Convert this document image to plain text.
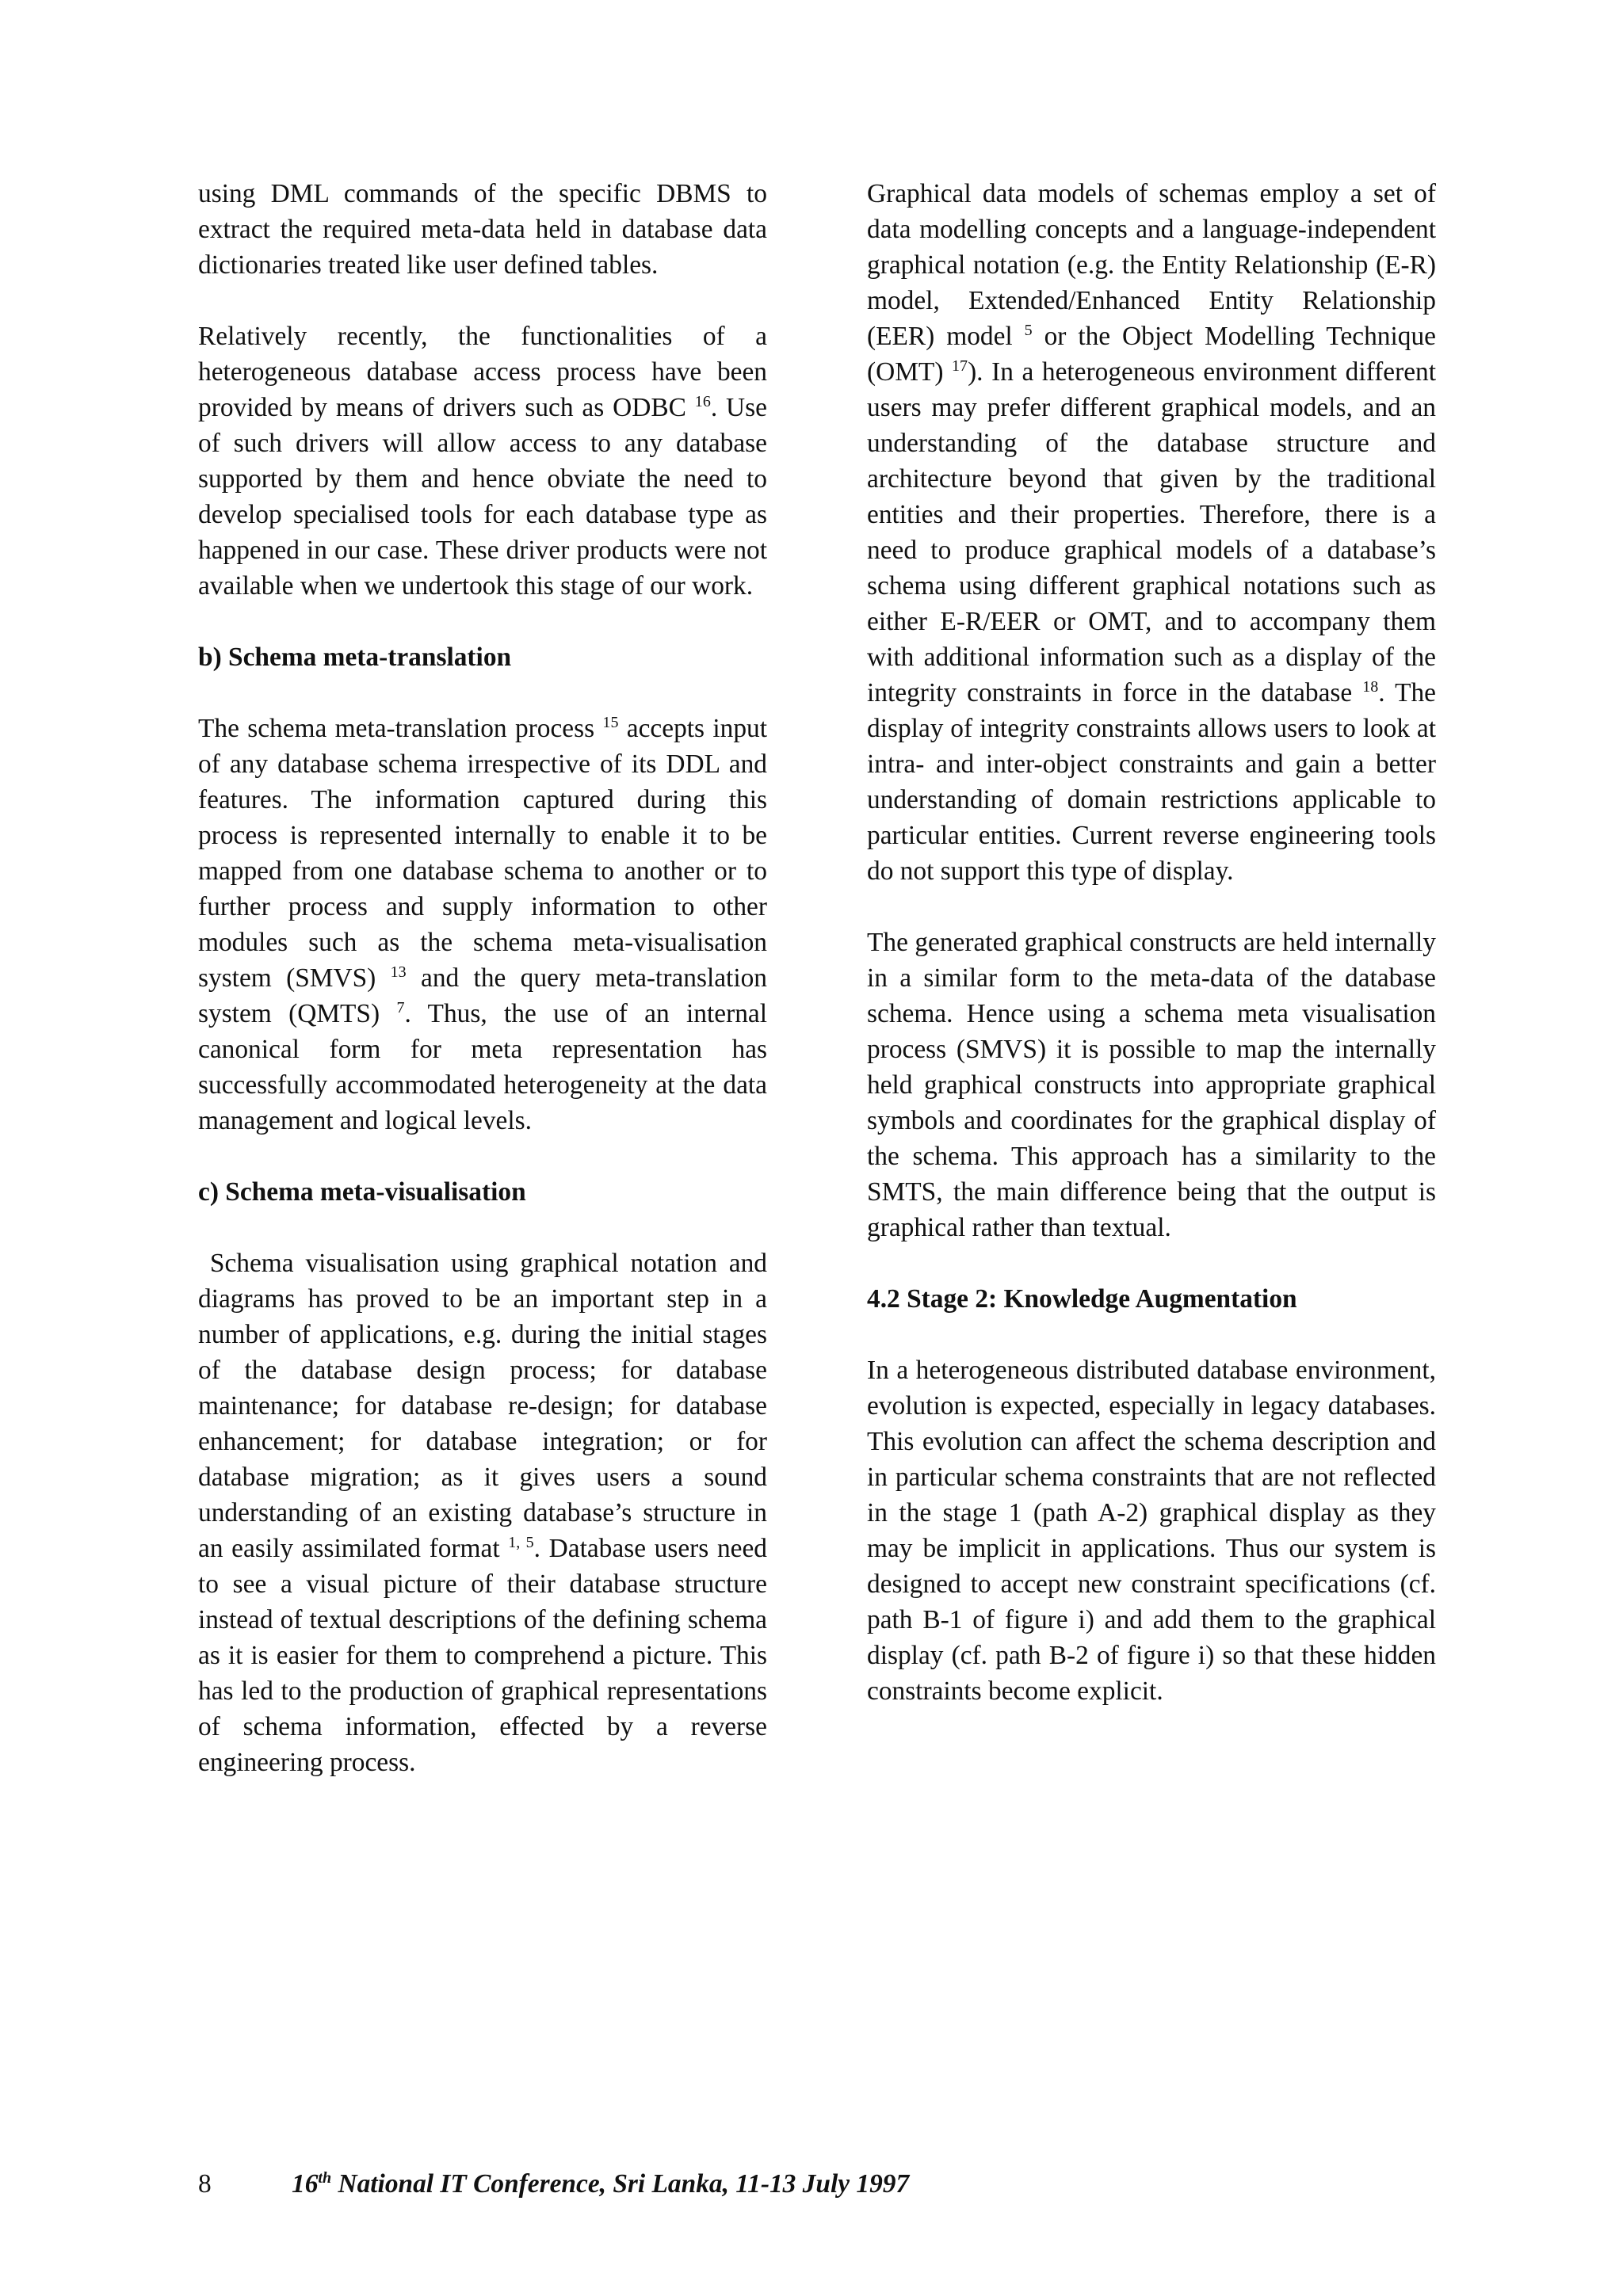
using DML commands of the specific DBMS to extract the required meta-data held in database data dictionaries treated like user defined tables.

Relatively recently, the functionalities of a heterogeneous database access process have been provided by means of drivers such as ODBC $^{16}$. Use of such drivers will allow access to any database supported by them and hence obviate the need to develop specialised tools for each database type as happened in our case. These driver products were not available when we undertook this stage of our work.

b) Schema meta-translation

The schema meta-translation process $^{15}$ accepts input of any database schema irrespective of its DDL and features. The information captured during this process is represented internally to enable it to be mapped from one database schema to another or to further process and supply information to other modules such as the schema meta-visualisation system (SMVS) $^{13}$ and the query meta-translation system (QMTS) $^7$. Thus, the use of an internal canonical form for meta representation has successfully accommodated heterogeneity at the data management and logical levels.

c) Schema meta-visualisation

Schema visualisation using graphical notation and diagrams has proved to be an important step in a number of applications, e.g. during the initial stages of the database design process; for database maintenance; for database re-design; for database enhancement; for database integration; or for database migration; as it gives users a sound understanding of an existing database’s structure in an easily assimilated format $^{1, 5}$. Database users need to see a visual picture of their database structure instead of textual descriptions of the defining schema as it is easier for them to comprehend a picture. This has led to the production of graphical representations of schema information, effected by a reverse engineering process.

Graphical data models of schemas employ a set of data modelling concepts and a language-independent graphical notation (e.g. the Entity Relationship (E-R) model, Extended/Enhanced Entity Relationship (EER) model $^5$ or the Object Modelling Technique (OMT) $^{17}$). In a heterogeneous environment different users may prefer different graphical models, and an understanding of the database structure and architecture beyond that given by the traditional entities and their properties. Therefore, there is a need to produce graphical models of a database’s schema using different graphical notations such as either E-R/EER or OMT, and to accompany them with additional information such as a display of the integrity constraints in force in the database $^{18}$. The display of integrity constraints allows users to look at intra- and inter-object constraints and gain a better understanding of domain restrictions applicable to particular entities. Current reverse engineering tools do not support this type of display.

The generated graphical constructs are held internally in a similar form to the meta-data of the database schema. Hence using a schema meta visualisation process (SMVS) it is possible to map the internally held graphical constructs into appropriate graphical symbols and coordinates for the graphical display of the schema. This approach has a similarity to the SMTS, the main difference being that the output is graphical rather than textual.

4.2 Stage 2: Knowledge Augmentation

In a heterogeneous distributed database environment, evolution is expected, especially in legacy databases. This evolution can affect the schema description and in particular schema constraints that are not reflected in the stage 1 (path A-2) graphical display as they may be implicit in applications. Thus our system is designed to accept new constraint specifications (cf. path B-1 of figure i) and add them to the graphical display (cf. path B-2 of figure i) so that these hidden constraints become explicit.

8	16th National IT Conference, Sri Lanka, 11-13 July 1997
